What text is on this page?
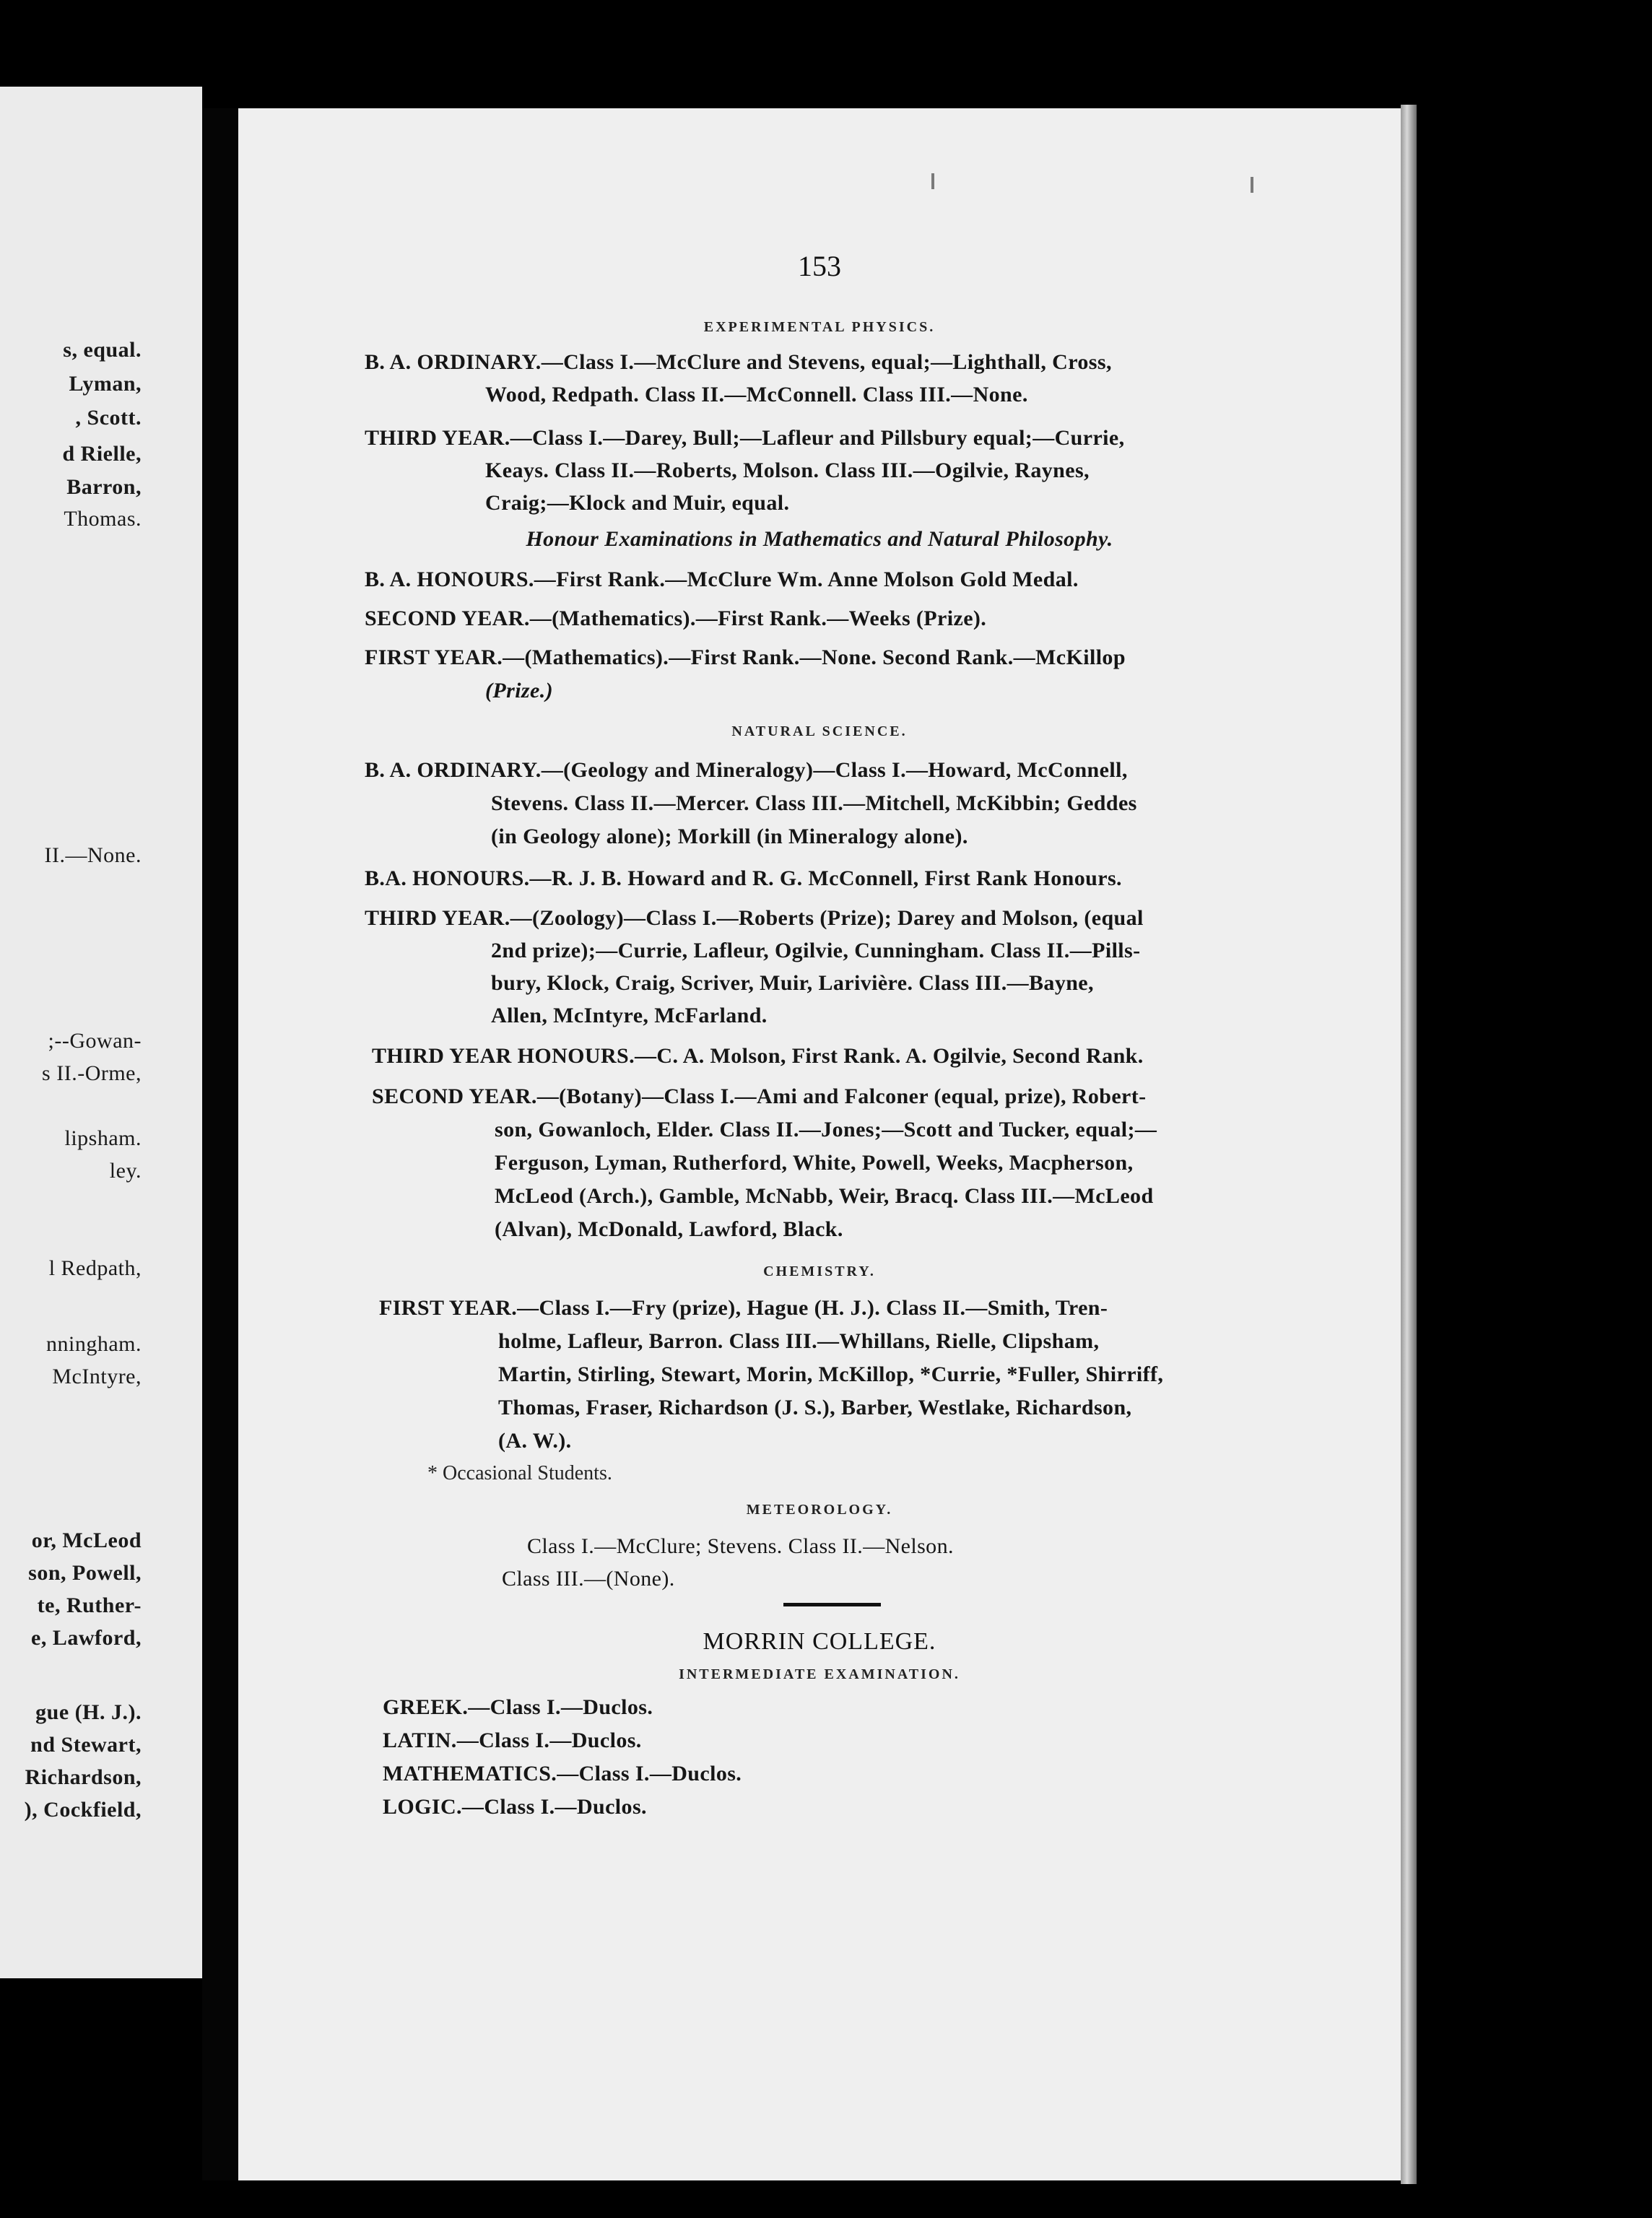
s, equal.
Lyman,
, Scott.
d Rielle,
Barron,
Thomas.
II.—None.
;--Gowan-
s II.-Orme,
lipsham.
ley.
l Redpath,
nningham.
McIntyre,
or, McLeod
son, Powell,
te, Ruther-
e, Lawford,
gue (H. J.).
nd Stewart,
Richardson,
), Cockfield,
153
EXPERIMENTAL PHYSICS.
B. A. ORDINARY.—Class I.—McClure and Stevens, equal;—Lighthall, Cross,
Wood, Redpath. Class II.—McConnell. Class III.—None.
THIRD YEAR.—Class I.—Darey, Bull;—Lafleur and Pillsbury equal;—Currie,
Keays. Class II.—Roberts, Molson. Class III.—Ogilvie, Raynes,
Craig;—Klock and Muir, equal.
Honour Examinations in Mathematics and Natural Philosophy.
B. A. HONOURS.—First Rank.—McClure Wm. Anne Molson Gold Medal.
SECOND YEAR.—(Mathematics).—First Rank.—Weeks (Prize).
FIRST YEAR.—(Mathematics).—First Rank.—None. Second Rank.—McKillop
(Prize.)
NATURAL SCIENCE.
B. A. ORDINARY.—(Geology and Mineralogy)—Class I.—Howard, McConnell,
Stevens. Class II.—Mercer. Class III.—Mitchell, McKibbin; Geddes
(in Geology alone); Morkill (in Mineralogy alone).
B.A. HONOURS.—R. J. B. Howard and R. G. McConnell, First Rank Honours.
THIRD YEAR.—(Zoology)—Class I.—Roberts (Prize); Darey and Molson, (equal
2nd prize);—Currie, Lafleur, Ogilvie, Cunningham. Class II.—Pills-
bury, Klock, Craig, Scriver, Muir, Larivière. Class III.—Bayne,
Allen, McIntyre, McFarland.
THIRD YEAR HONOURS.—C. A. Molson, First Rank. A. Ogilvie, Second Rank.
SECOND YEAR.—(Botany)—Class I.—Ami and Falconer (equal, prize), Robert-
son, Gowanloch, Elder. Class II.—Jones;—Scott and Tucker, equal;—
Ferguson, Lyman, Rutherford, White, Powell, Weeks, Macpherson,
McLeod (Arch.), Gamble, McNabb, Weir, Bracq. Class III.—McLeod
(Alvan), McDonald, Lawford, Black.
CHEMISTRY.
FIRST YEAR.—Class I.—Fry (prize), Hague (H. J.). Class II.—Smith, Tren-
holme, Lafleur, Barron. Class III.—Whillans, Rielle, Clipsham,
Martin, Stirling, Stewart, Morin, McKillop, *Currie, *Fuller, Shirriff,
Thomas, Fraser, Richardson (J. S.), Barber, Westlake, Richardson,
(A. W.).
* Occasional Students.
METEOROLOGY.
Class I.—McClure; Stevens. Class II.—Nelson.
Class III.—(None).
MORRIN COLLEGE.
INTERMEDIATE EXAMINATION.
GREEK.—Class I.—Duclos.
LATIN.—Class I.—Duclos.
MATHEMATICS.—Class I.—Duclos.
LOGIC.—Class I.—Duclos.
